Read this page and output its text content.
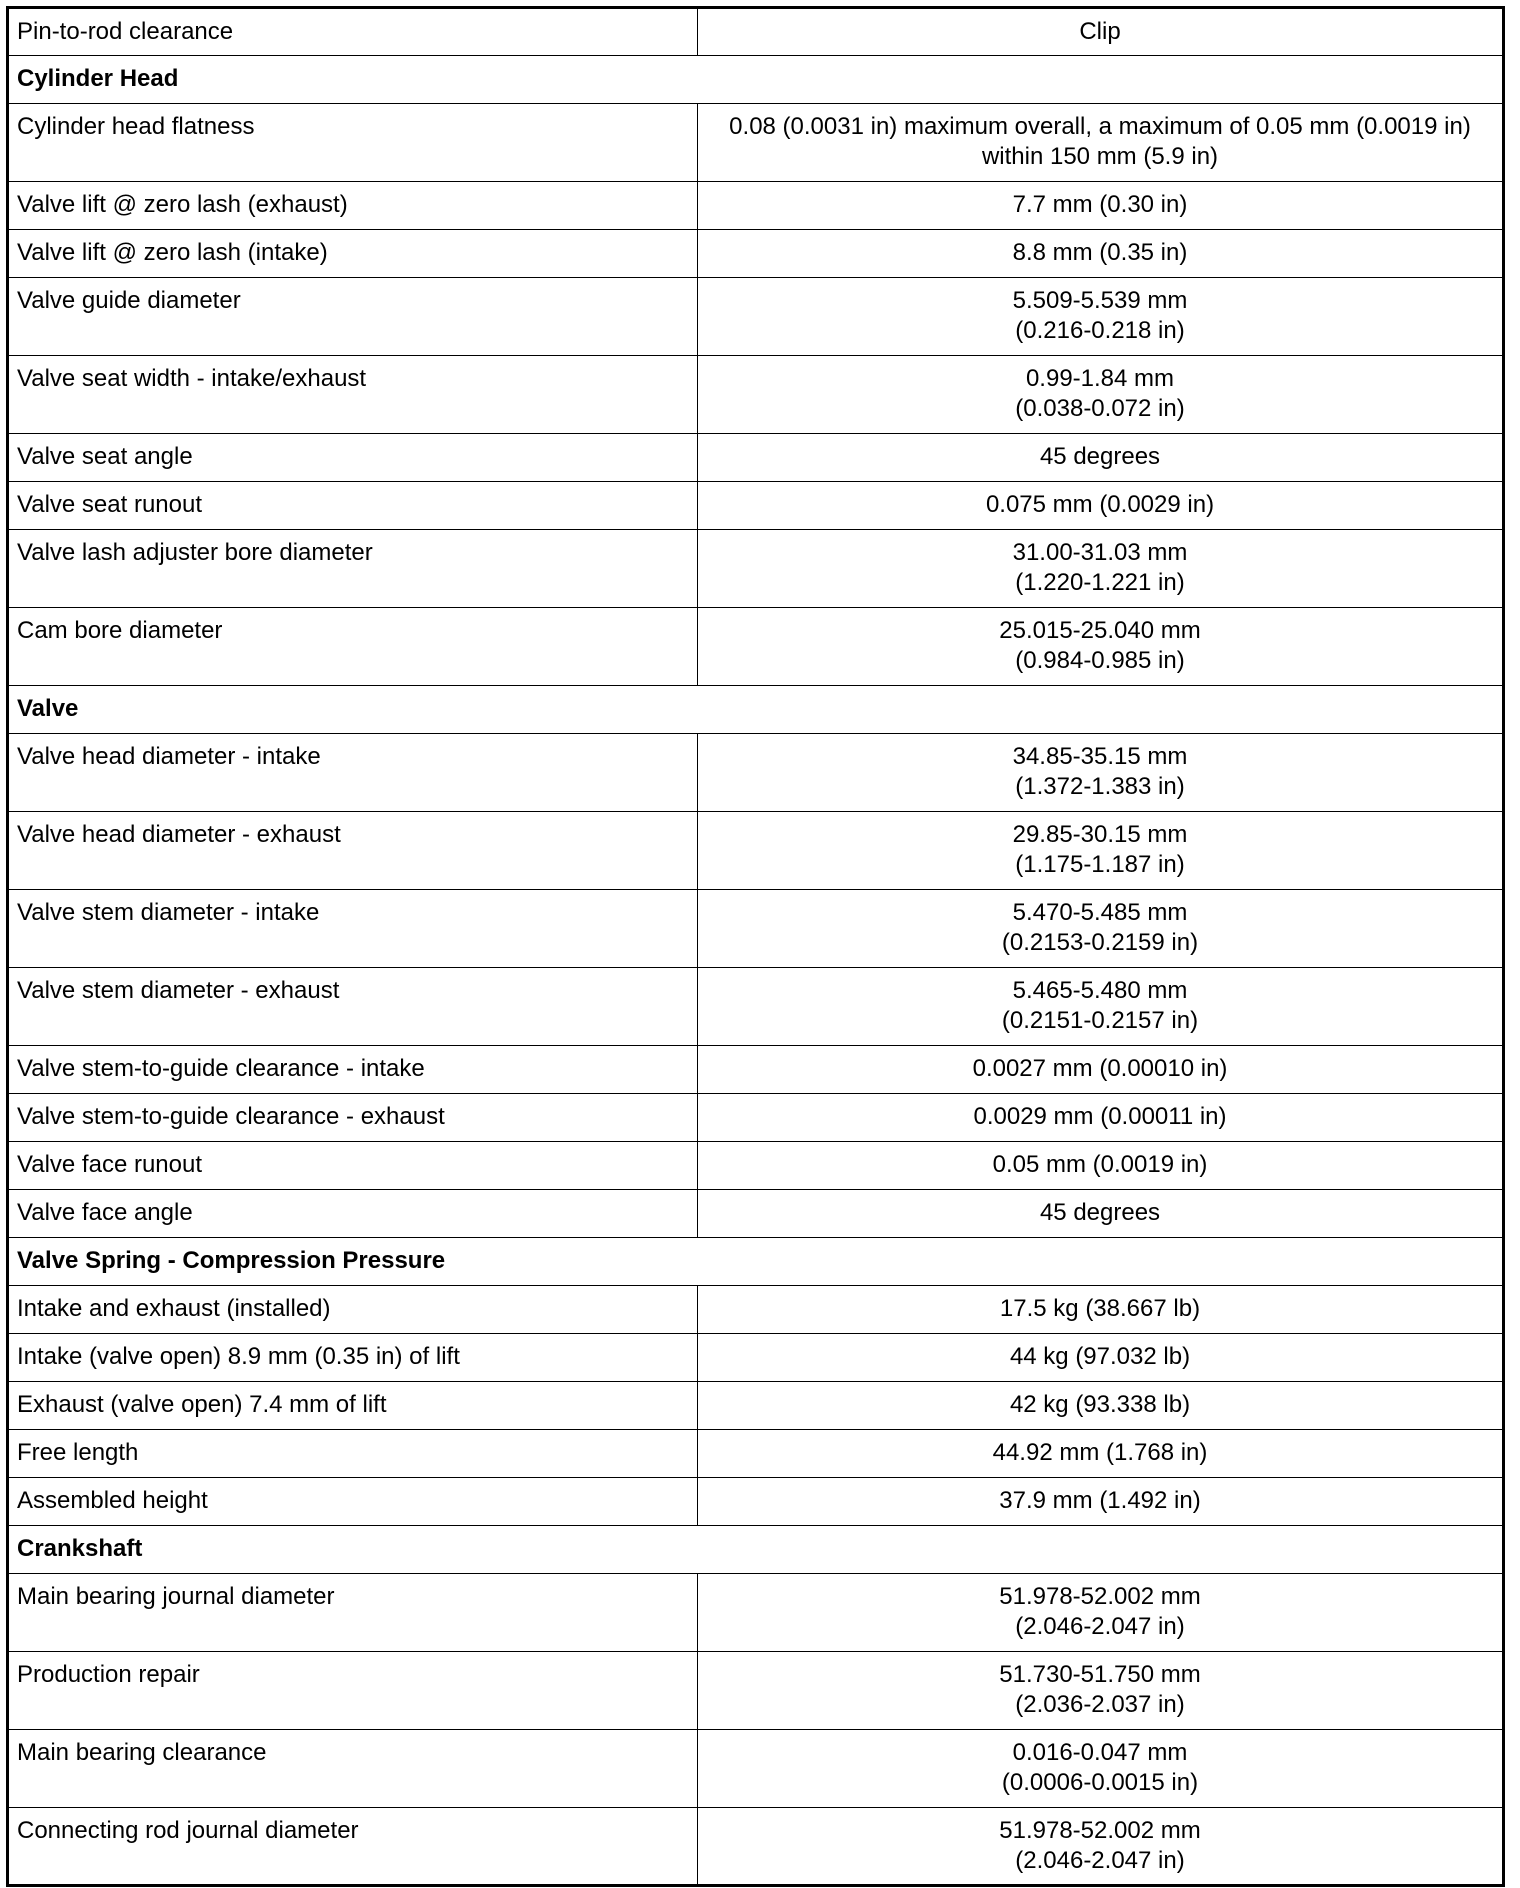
Pin-to-rod clearance	Clip
Cylinder Head	
Cylinder head flatness	0.08 (0.0031 in) maximum overall, a maximum of 0.05 mm (0.0019 in)
within 150 mm (5.9 in)
Valve lift @ zero lash (exhaust)	7.7 mm (0.30 in)
Valve lift @ zero lash (intake)	8.8 mm (0.35 in)
Valve guide diameter	5.509-5.539 mm
(0.216-0.218 in)
Valve seat width - intake/exhaust	0.99-1.84 mm
(0.038-0.072 in)
Valve seat angle	45 degrees
Valve seat runout	0.075 mm (0.0029 in)
Valve lash adjuster bore diameter	31.00-31.03 mm
(1.220-1.221 in)
Cam bore diameter	25.015-25.040 mm
(0.984-0.985 in)
Valve	
Valve head diameter - intake	34.85-35.15 mm
(1.372-1.383 in)
Valve head diameter - exhaust	29.85-30.15 mm
(1.175-1.187 in)
Valve stem diameter - intake	5.470-5.485 mm
(0.2153-0.2159 in)
Valve stem diameter - exhaust	5.465-5.480 mm
(0.2151-0.2157 in)
Valve stem-to-guide clearance - intake	0.0027 mm (0.00010 in)
Valve stem-to-guide clearance - exhaust	0.0029 mm (0.00011 in)
Valve face runout	0.05 mm (0.0019 in)
Valve face angle	45 degrees
Valve Spring - Compression Pressure	
Intake and exhaust (installed)	17.5 kg (38.667 lb)
Intake (valve open) 8.9 mm (0.35 in) of lift	44 kg (97.032 lb)
Exhaust (valve open) 7.4 mm of lift	42 kg (93.338 lb)
Free length	44.92 mm (1.768 in)
Assembled height	37.9 mm (1.492 in)
Crankshaft	
Main bearing journal diameter	51.978-52.002 mm
(2.046-2.047 in)
Production repair	51.730-51.750 mm
(2.036-2.037 in)
Main bearing clearance	0.016-0.047 mm
(0.0006-0.0015 in)
Connecting rod journal diameter	51.978-52.002 mm
(2.046-2.047 in)
